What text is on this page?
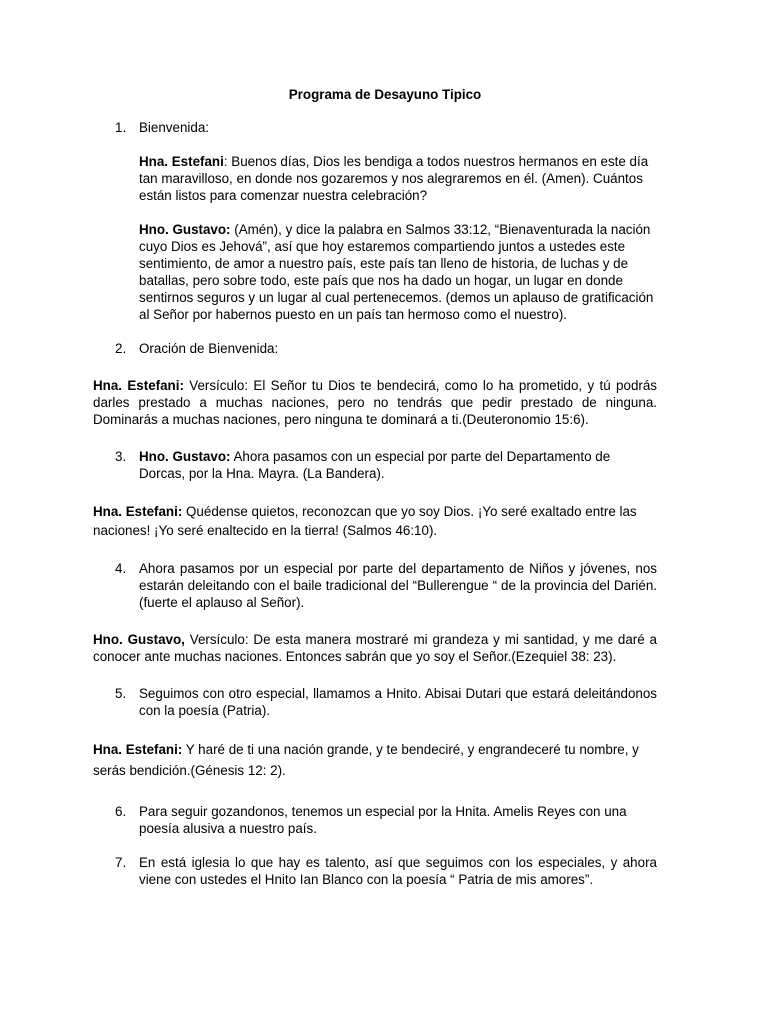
Programa de Desayuno Tipico
1. Bienvenida:

Hna. Estefani: Buenos días, Dios les bendiga a todos nuestros hermanos en este día tan maravilloso, en donde nos gozaremos y nos alegraremos en él. (Amen). Cuántos están listos para comenzar nuestra celebración?

Hno. Gustavo: (Amén), y dice la palabra en Salmos 33:12, “Bienaventurada la nación cuyo Dios es Jehová”, así que hoy estaremos compartiendo juntos a ustedes este sentimiento, de amor a nuestro país, este país tan lleno de historia, de luchas y de batallas, pero sobre todo, este país que nos ha dado un hogar, un lugar en donde sentirnos seguros y un lugar al cual pertenecemos. (demos un aplauso de gratificación al Señor por habernos puesto en un país tan hermoso como el nuestro).

2. Oración de Bienvenida:

Hna. Estefani: Versículo: El Señor tu Dios te bendecirá, como lo ha prometido, y tú podrás darles prestado a muchas naciones, pero no tendrás que pedir prestado de ninguna. Dominarás a muchas naciones, pero ninguna te dominará a ti.(Deuteronomio 15:6).
3. Hno. Gustavo: Ahora pasamos con un especial por parte del Departamento de Dorcas, por la Hna. Mayra. (La Bandera).

Hna. Estefani: Quédense quietos, reconozcan que yo soy Dios. ¡Yo seré exaltado entre las naciones! ¡Yo seré enaltecido en la tierra! (Salmos 46:10).
4. Ahora pasamos por un especial por parte del departamento de Niños y jóvenes, nos estarán deleitando con el baile tradicional del “Bullerengue “ de la provincia del Darién. (fuerte el aplauso al Señor).

Hno. Gustavo, Versículo: De esta manera mostraré mi grandeza y mi santidad, y me daré a conocer ante muchas naciones. Entonces sabrán que yo soy el Señor.(Ezequiel 38: 23).
5. Seguimos con otro especial, llamamos a Hnito. Abisai Dutari que estará deleitándonos con la poesía (Patria).

Hna. Estefani: Y haré de ti una nación grande, y te bendeciré, y engrandeceré tu nombre, y serás bendición.(Génesis 12: 2).
6. Para seguir gozandonos, tenemos un especial por la Hnita. Amelis Reyes con una poesía alusiva a nuestro país.

7. En está iglesia lo que hay es talento, así que seguimos con los especiales, y ahora viene con ustedes el Hnito Ian Blanco con la poesía “ Patria de mis amores”.
